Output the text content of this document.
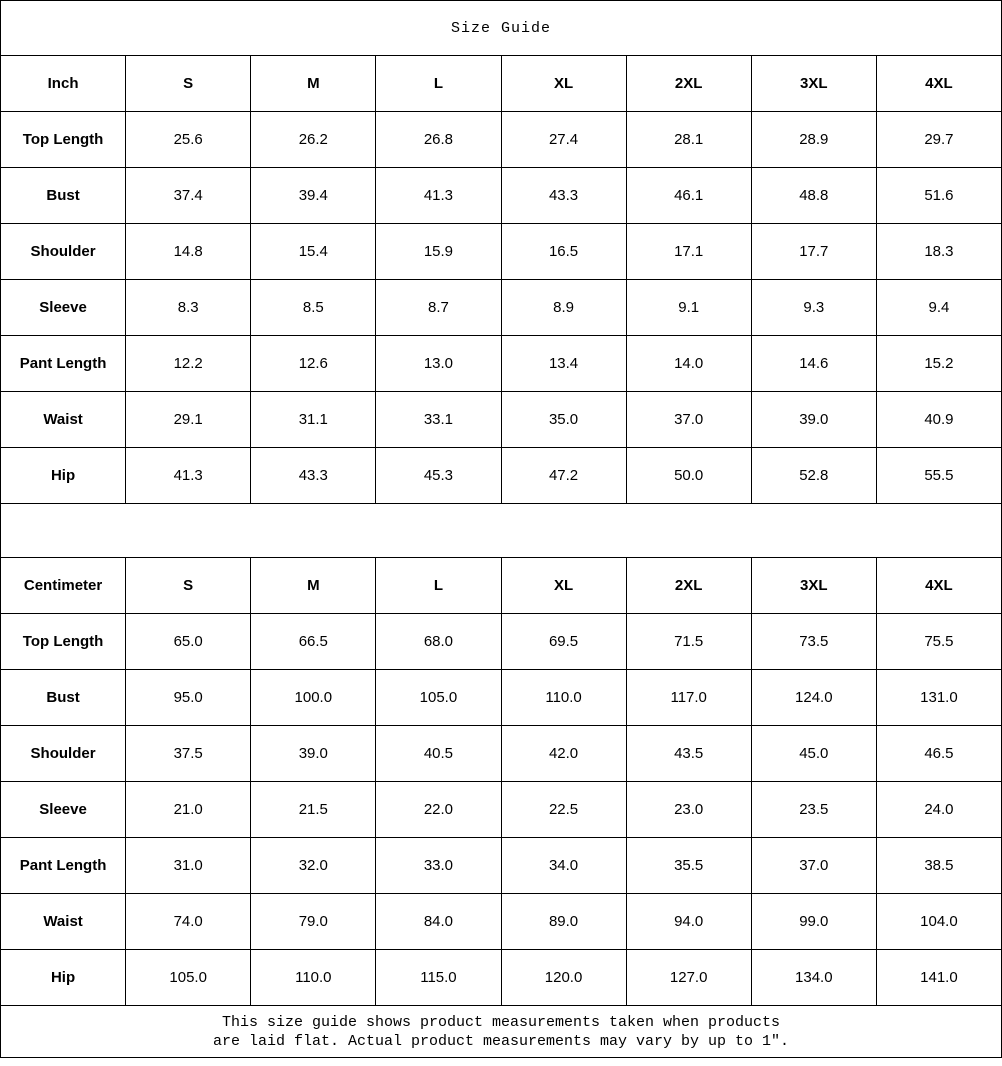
Size Guide							
Inch	S	M	L	XL	2XL	3XL	4XL
Top Length	25.6	26.2	26.8	27.4	28.1	28.9	29.7
Bust	37.4	39.4	41.3	43.3	46.1	48.8	51.6
Shoulder	14.8	15.4	15.9	16.5	17.1	17.7	18.3
Sleeve	8.3	8.5	8.7	8.9	9.1	9.3	9.4
Pant Length	12.2	12.6	13.0	13.4	14.0	14.6	15.2
Waist	29.1	31.1	33.1	35.0	37.0	39.0	40.9
Hip	41.3	43.3	45.3	47.2	50.0	52.8	55.5

Centimeter	S	M	L	XL	2XL	3XL	4XL
Top Length	65.0	66.5	68.0	69.5	71.5	73.5	75.5
Bust	95.0	100.0	105.0	110.0	117.0	124.0	131.0
Shoulder	37.5	39.0	40.5	42.0	43.5	45.0	46.5
Sleeve	21.0	21.5	22.0	22.5	23.0	23.5	24.0
Pant Length	31.0	32.0	33.0	34.0	35.5	37.0	38.5
Waist	74.0	79.0	84.0	89.0	94.0	99.0	104.0
Hip	105.0	110.0	115.0	120.0	127.0	134.0	141.0

This size guide shows product measurements taken when products
are laid flat. Actual product measurements may vary by up to 1″.							
